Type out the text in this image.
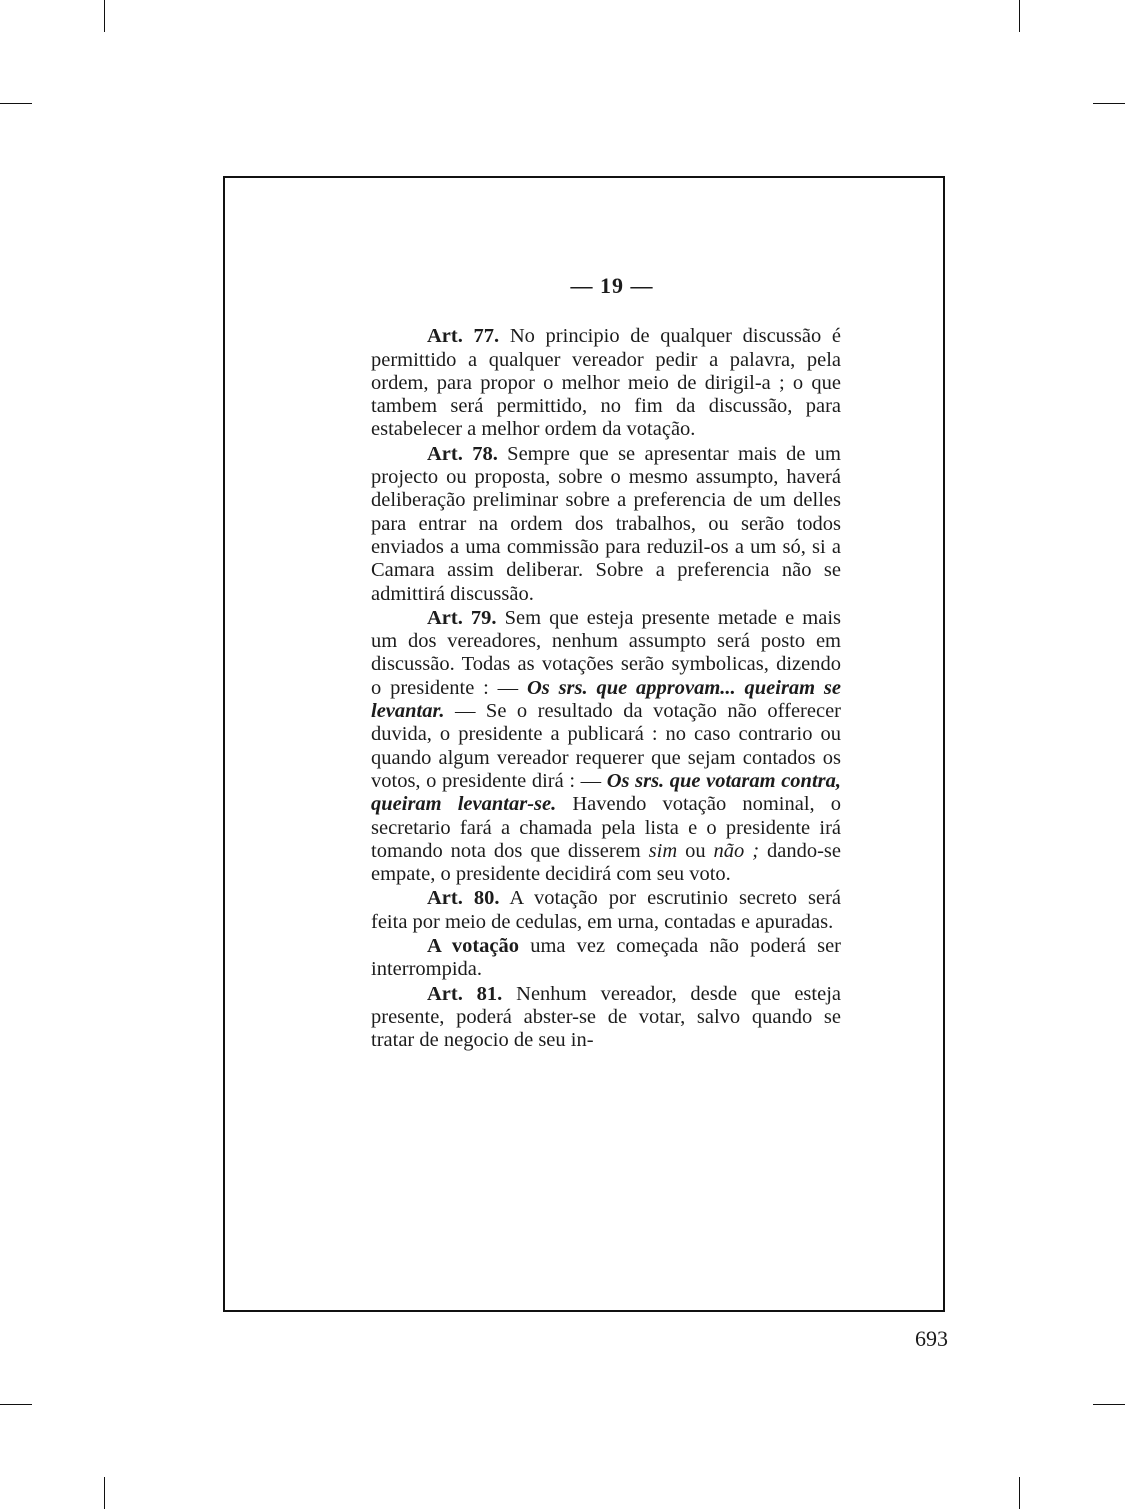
— 19 —

Art. 77. No principio de qualquer discussão é permittido a qualquer vereador pedir a palavra, pela ordem, para propor o melhor meio de dirigil-a ; o que tambem será permittido, no fim da discussão, para estabelecer a melhor ordem da votação.

Art. 78. Sempre que se apresentar mais de um projecto ou proposta, sobre o mesmo assumpto, haverá deliberação preliminar sobre a preferencia de um delles para entrar na ordem dos trabalhos, ou serão todos enviados a uma commissão para reduzil-os a um só, si a Camara assim deliberar. Sobre a preferencia não se admittirá discussão.

Art. 79. Sem que esteja presente metade e mais um dos vereadores, nenhum assumpto será posto em discussão. Todas as votações serão symbolicas, dizendo o presidente : — Os srs. que approvam... queiram se levantar. — Se o resultado da votação não offerecer duvida, o presidente a publicará : no caso contrario ou quando algum vereador requerer que sejam contados os votos, o presidente dirá : — Os srs. que votaram contra, queiram levantar-se. Havendo votação nominal, o secretario fará a chamada pela lista e o presidente irá tomando nota dos que disserem sim ou não ; dando-se empate, o presidente decidirá com seu voto.

Art. 80. A votação por escrutinio secreto será feita por meio de cedulas, em urna, contadas e apuradas.

A votação uma vez começada não poderá ser interrompida.

Art. 81. Nenhum vereador, desde que esteja presente, poderá abster-se de votar, salvo quando se tratar de negocio de seu in-

693
